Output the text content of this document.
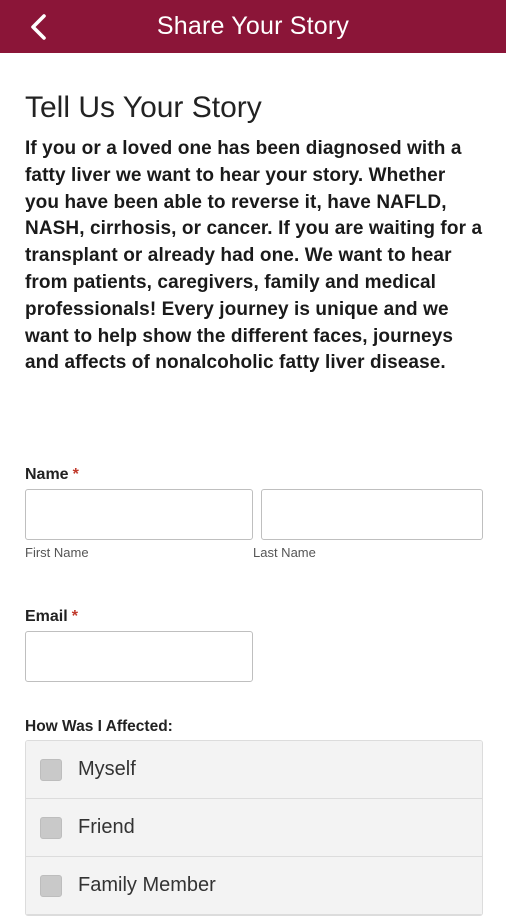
Share Your Story
Tell Us Your Story

If you or a loved one has been diagnosed with a fatty liver we want to hear your story. Whether you have been able to reverse it, have NAFLD, NASH, cirrhosis, or cancer. If you are waiting for a transplant or already had one. We want to hear from patients, caregivers, family and medical professionals! Every journey is unique and we want to help show the different faces, journeys and affects of nonalcoholic fatty liver disease.

Name *
First Name	Last Name
Email *
How Was I Affected:
Myself
Friend
Family Member
